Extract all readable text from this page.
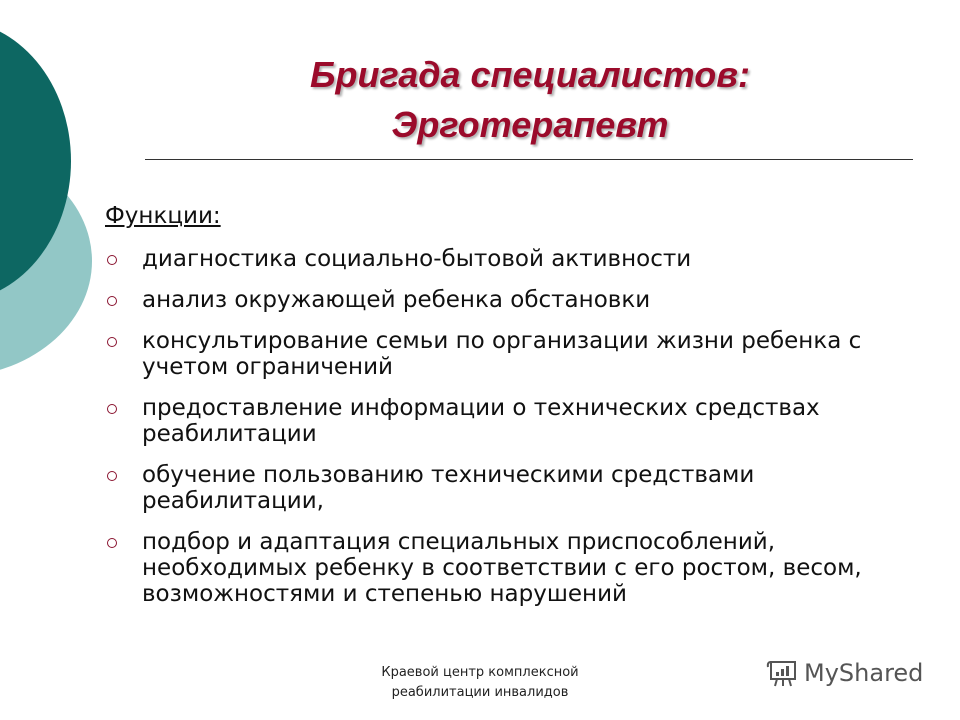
Бригада специалистов:
Эрготерапевт
Функции:
диагностика социально-бытовой активности
анализ окружающей ребенка обстановки
консультирование семьи по организации жизни ребенка с учетом ограничений
предоставление информации о технических средствах реабилитации
обучение пользованию техническими средствами реабилитации,
подбор и адаптация специальных приспособлений, необходимых ребенку в соответствии с его ростом, весом, возможностями и степенью нарушений
Краевой центр комплексной
реабилитации инвалидов
MyShared
